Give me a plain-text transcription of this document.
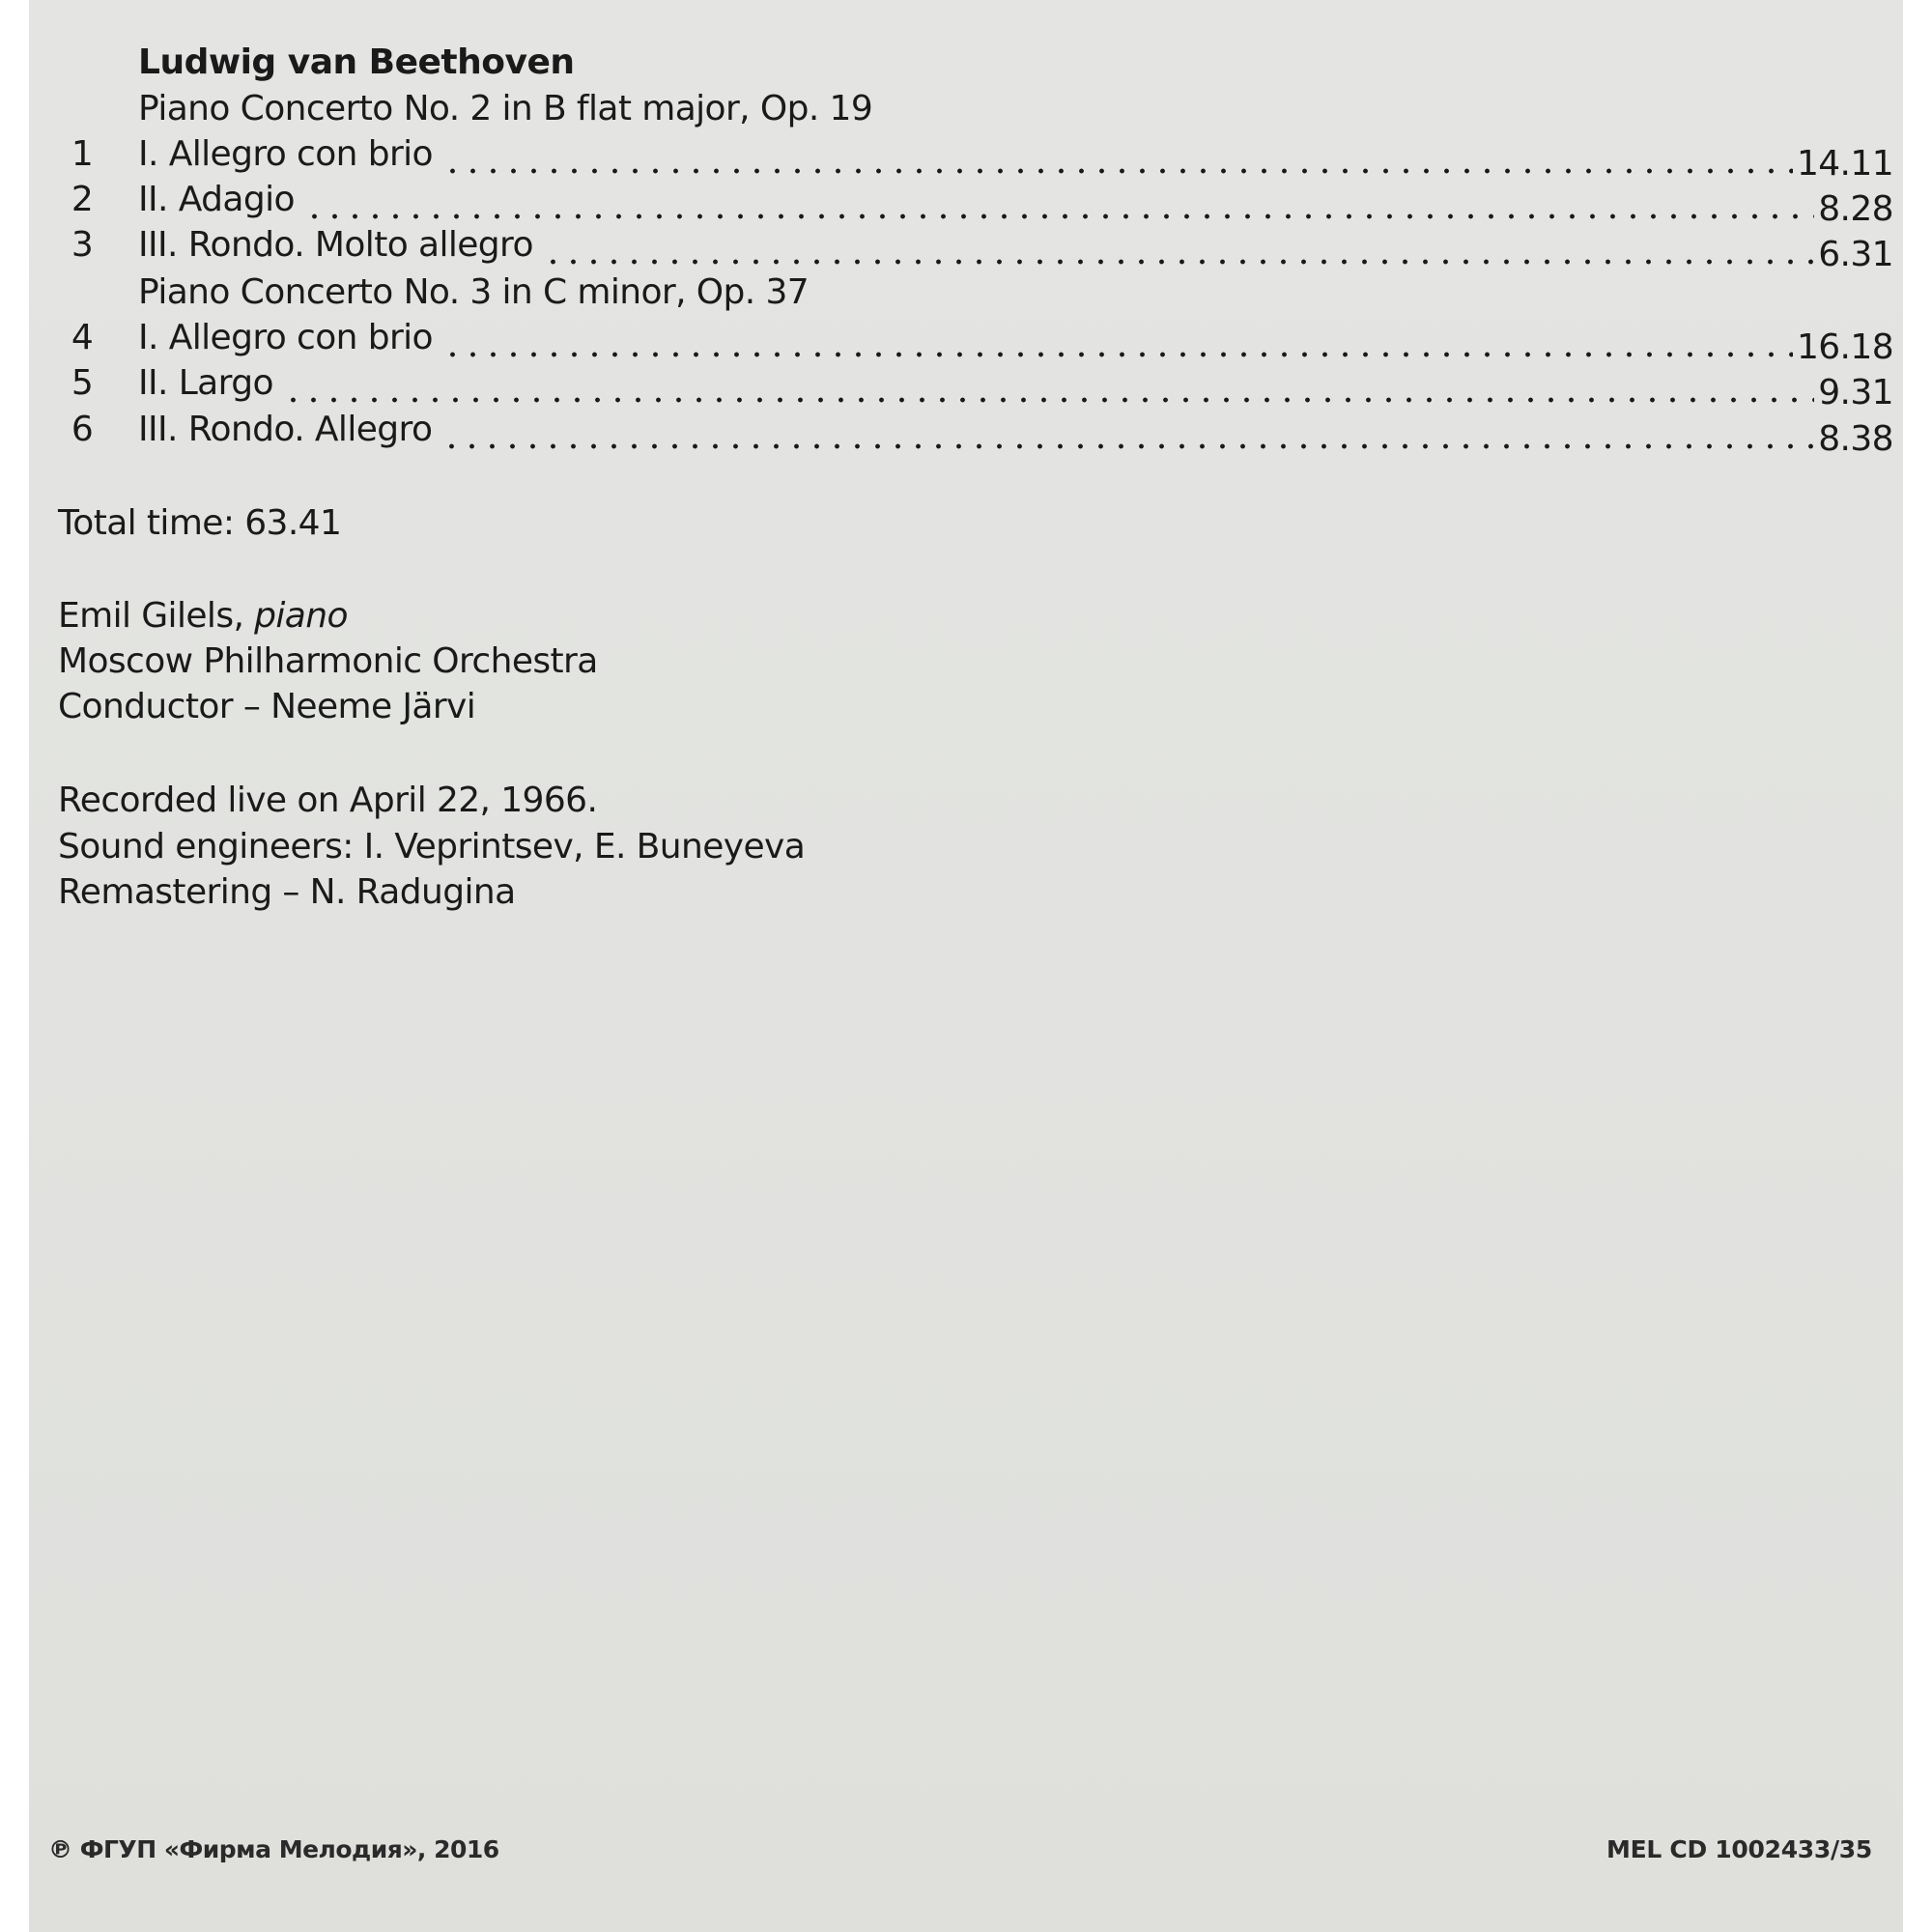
Ludwig van Beethoven
Piano Concerto No. 2 in B flat major, Op. 19
1 I. Allegro con brio	14.11
2 II. Adagio	8.28
3 III. Rondo. Molto allegro	6.31
Piano Concerto No. 3 in C minor, Op. 37
4 I. Allegro con brio	16.18
5 II. Largo	9.31
6 III. Rondo. Allegro	8.38
Total time: 63.41
Emil Gilels, piano
Moscow Philharmonic Orchestra
Conductor – Neeme Järvi
Recorded live on April 22, 1966.
Sound engineers: I. Veprintsev, E. Buneyeva
Remastering – N. Radugina
℗ ФГУП «Фирма Мелодия», 2016	MEL CD 1002433/35
